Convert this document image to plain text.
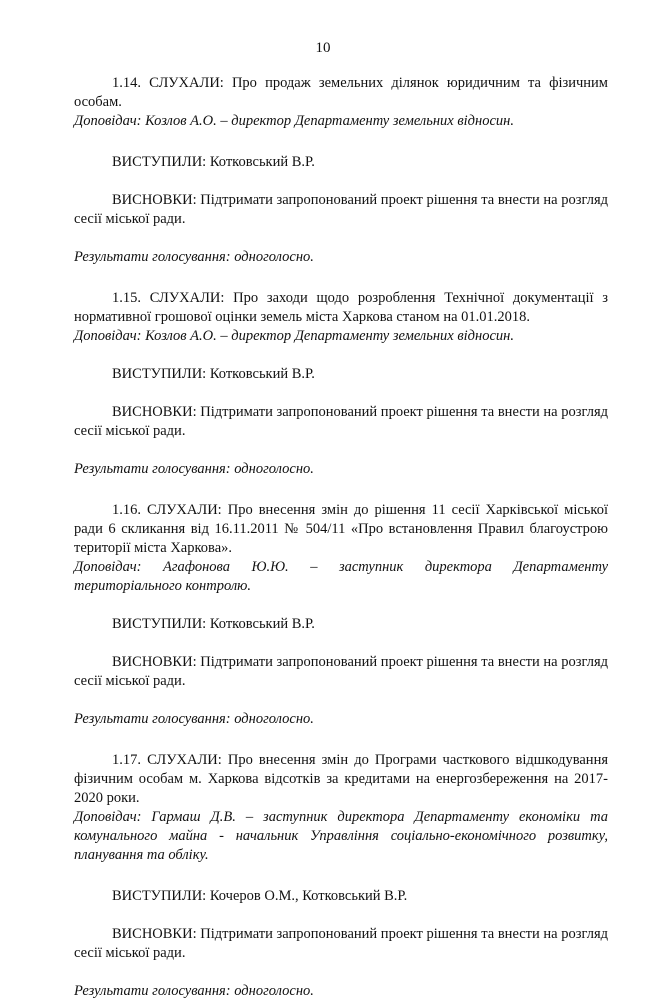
10

1.14. СЛУХАЛИ: Про продаж земельних ділянок юридичним та фізичним особам.

Доповідач: Козлов А.О. – директор Департаменту земельних відносин.

ВИСТУПИЛИ: Котковський В.Р.

ВИСНОВКИ: Підтримати запропонований проект рішення та внести на розгляд сесії міської ради.

Результати голосування: одноголосно.

1.15. СЛУХАЛИ: Про заходи щодо розроблення Технічної документації з нормативної грошової оцінки земель міста Харкова станом на 01.01.2018.

Доповідач: Козлов А.О. – директор Департаменту земельних відносин.

ВИСТУПИЛИ: Котковський В.Р.

ВИСНОВКИ: Підтримати запропонований проект рішення та внести на розгляд сесії міської ради.

Результати голосування: одноголосно.

1.16. СЛУХАЛИ: Про внесення змін до рішення 11 сесії Харківської міської ради 6 скликання від 16.11.2011 № 504/11 «Про встановлення Правил благоустрою території міста Харкова».

Доповідач: Агафонова Ю.Ю. – заступник директора Департаменту територіального контролю.

ВИСТУПИЛИ: Котковський В.Р.

ВИСНОВКИ: Підтримати запропонований проект рішення та внести на розгляд сесії міської ради.

Результати голосування: одноголосно.

1.17. СЛУХАЛИ: Про внесення змін до Програми часткового відшкодування фізичним особам м. Харкова відсотків за кредитами на енергозбереження на 2017-2020 роки.

Доповідач: Гармаш Д.В. – заступник директора Департаменту економіки та комунального майна - начальник Управління соціально-економічного розвитку, планування та обліку.

ВИСТУПИЛИ: Кочеров О.М., Котковський В.Р.

ВИСНОВКИ: Підтримати запропонований проект рішення та внести на розгляд сесії міської ради.

Результати голосування: одноголосно.
